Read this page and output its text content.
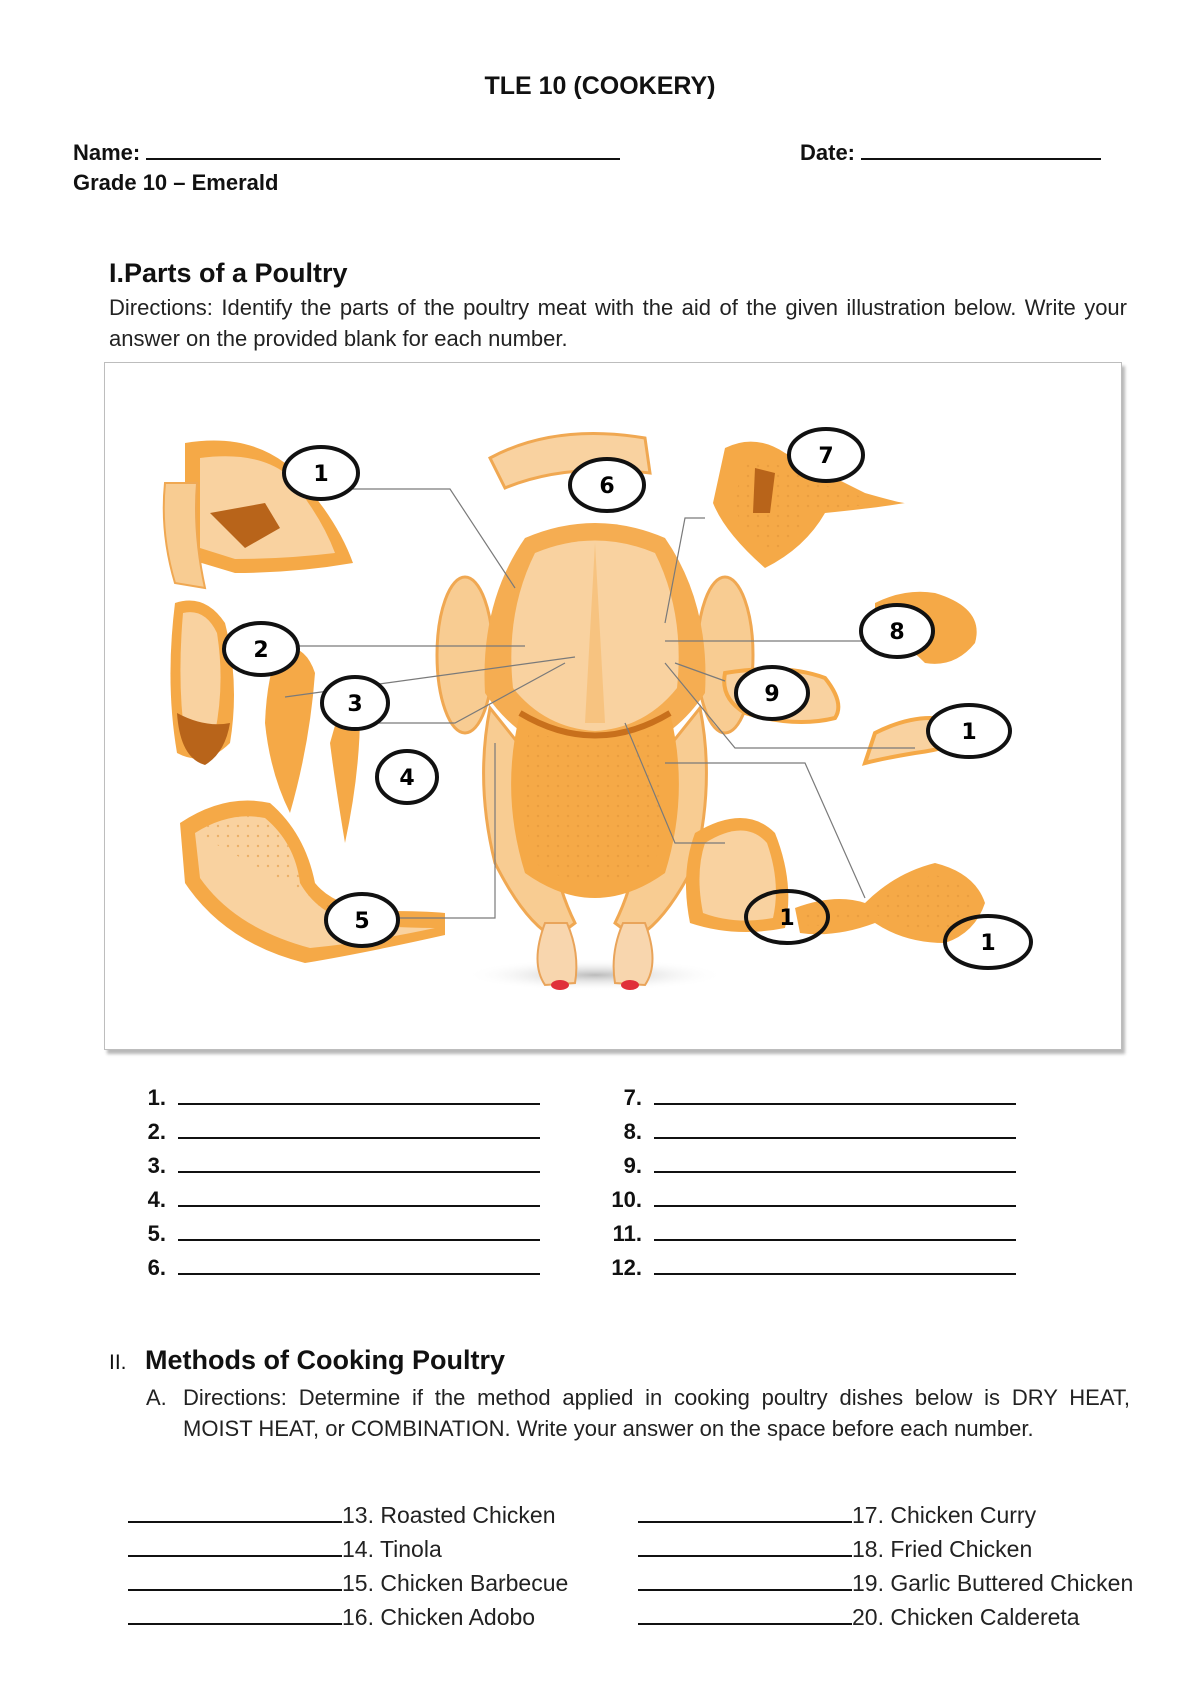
TLE 10 (COOKERY)
Name:	Date:
Grade 10 – Emerald
I.Parts of a Poultry
Directions: Identify the parts of the poultry meat with the aid of the given illustration below. Write your answer on the provided blank for each number.
1	6
7
2
3
4
8
9
1
5	1
1
1.
2.
3.
4.
5.
6.
7.
8.
9.
10.
11.
12.
II. Methods of Cooking Poultry
A. Directions: Determine if the method applied in cooking poultry dishes below is DRY HEAT, MOIST HEAT, or COMBINATION. Write your answer on the space before each number.
13. Roasted Chicken
14. Tinola
15. Chicken Barbecue
16. Chicken Adobo
17. Chicken Curry
18. Fried Chicken
19. Garlic Buttered Chicken
20. Chicken Caldereta
